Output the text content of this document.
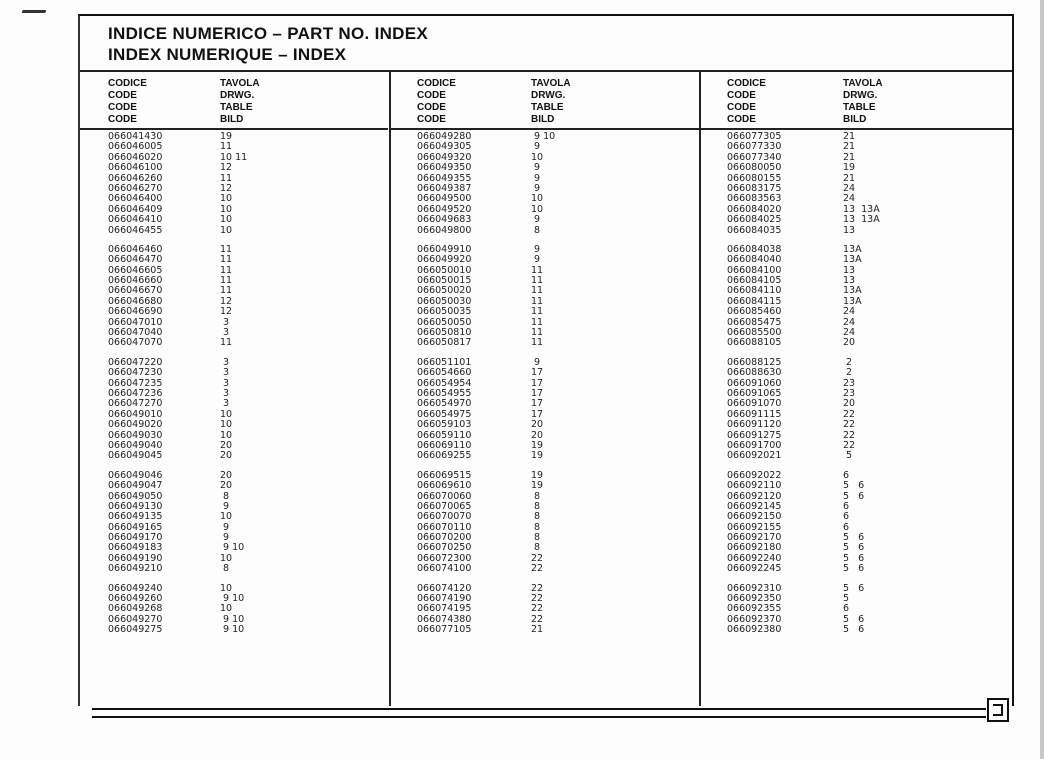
INDICE NUMERICO – PART NO. INDEX
INDEX NUMERIQUE – INDEX
CODICE
CODE
CODE
CODE
TAVOLA
DRWG.
TABLE
BILD
066041430	19
066046005	11
066046020	10 11
066046100	12
066046260	11
066046270	12
066046400	10
066046409	10
066046410	10
066046455	10
066046460	11
066046470	11
066046605	11
066046660	11
066046670	11
066046680	12
066046690	12
066047010	3
066047040	3
066047070	11
066047220	3
066047230	3
066047235	3
066047236	3
066047270	3
066049010	10
066049020	10
066049030	10
066049040	20
066049045	20
066049046	20
066049047	20
066049050	8
066049130	9
066049135	10
066049165	9
066049170	9
066049183	9 10
066049190	10
066049210	8
066049240	10
066049260	9 10
066049268	10
066049270	9 10
066049275	9 10
CODICE
CODE
CODE
CODE
TAVOLA
DRWG.
TABLE
BILD
066049280	9 10
066049305	9
066049320	10
066049350	9
066049355	9
066049387	9
066049500	10
066049520	10
066049683	9
066049800	8
066049910	9
066049920	9
066050010	11
066050015	11
066050020	11
066050030	11
066050035	11
066050050	11
066050810	11
066050817	11
066051101	9
066054660	17
066054954	17
066054955	17
066054970	17
066054975	17
066059103	20
066059110	20
066069110	19
066069255	19
066069515	19
066069610	19
066070060	8
066070065	8
066070070	8
066070110	8
066070200	8
066070250	8
066072300	22
066074100	22
066074120	22
066074190	22
066074195	22
066074380	22
066077105	21
CODICE
CODE
CODE
CODE
TAVOLA
DRWG.
TABLE
BILD
066077305	21
066077330	21
066077340	21
066080050	19
066080155	21
066083175	24
066083563	24
066084020	13  13A
066084025	13  13A
066084035	13
066084038	13A
066084040	13A
066084100	13
066084105	13
066084110	13A
066084115	13A
066085460	24
066085475	24
066085500	24
066088105	20
066088125	2
066088630	2
066091060	23
066091065	23
066091070	20
066091115	22
066091120	22
066091275	22
066091700	22
066092021	5
066092022	6
066092110	5   6
066092120	5   6
066092145	6
066092150	6
066092155	6
066092170	5   6
066092180	5   6
066092240	5   6
066092245	5   6
066092310	5   6
066092350	5
066092355	6
066092370	5   6
066092380	5   6
